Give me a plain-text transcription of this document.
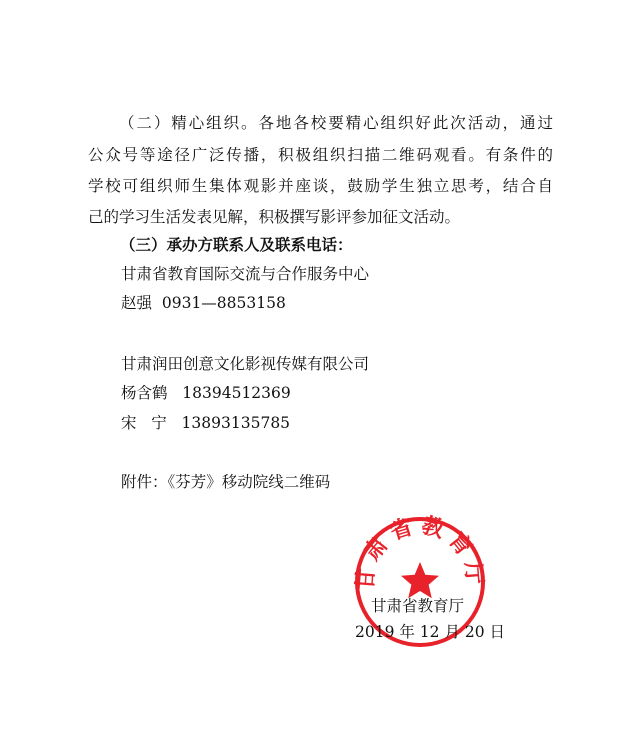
（二）精心组织。各地各校要精心组织好此次活动，通过

公众号等途径广泛传播，积极组织扫描二维码观看。有条件的

学校可组织师生集体观影并座谈，鼓励学生独立思考，结合自

己的学习生活发表见解，积极撰写影评参加征文活动。

（三）承办方联系人及联系电话：

甘肃省教育国际交流与合作服务中心

赵强  0931—8853158

甘肃润田创意文化影视传媒有限公司

杨含鹤   18394512369

宋   宁   13893135785

附件：《芬芳》移动院线二维码

甘肃省教育厅

甘肃省教育厅

2019 年 12 月 20 日
